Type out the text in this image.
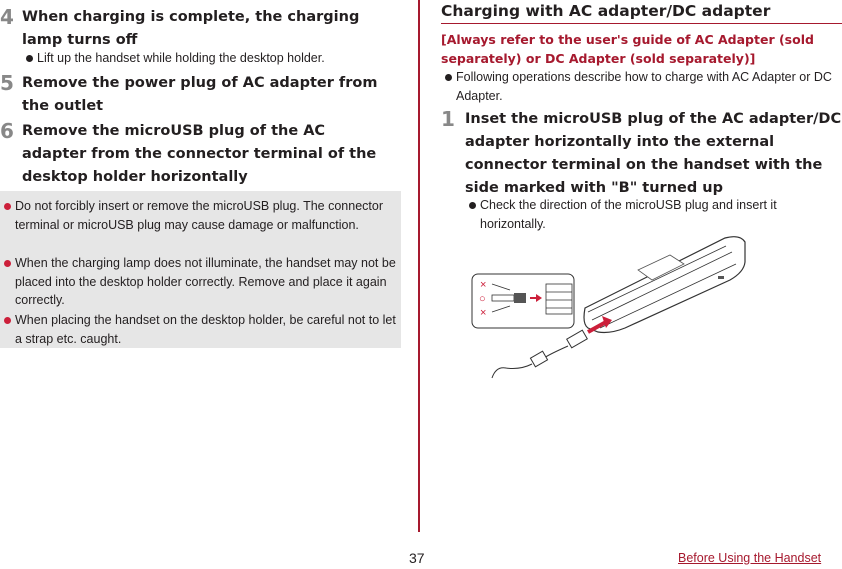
4 When charging is complete, the charging lamp turns off
Lift up the handset while holding the desktop holder.
5 Remove the power plug of AC adapter from the outlet
6 Remove the microUSB plug of the AC adapter from the connector terminal of the desktop holder horizontally
Do not forcibly insert or remove the microUSB plug. The connector terminal or microUSB plug may cause damage or malfunction.
When the charging lamp does not illuminate, the handset may not be placed into the desktop holder correctly. Remove and place it again correctly.
When placing the handset on the desktop holder, be careful not to let a strap etc. caught.
Charging with AC adapter/DC adapter
[Always refer to the user's guide of AC Adapter (sold separately) or DC Adapter (sold separately)]
Following operations describe how to charge with AC Adapter or DC Adapter.
1 Inset the microUSB plug of the AC adapter/DC adapter horizontally into the external connector terminal on the handset with the side marked with "B" turned up
Check the direction of the microUSB plug and insert it horizontally.
×
○
×
37	Before Using the Handset
